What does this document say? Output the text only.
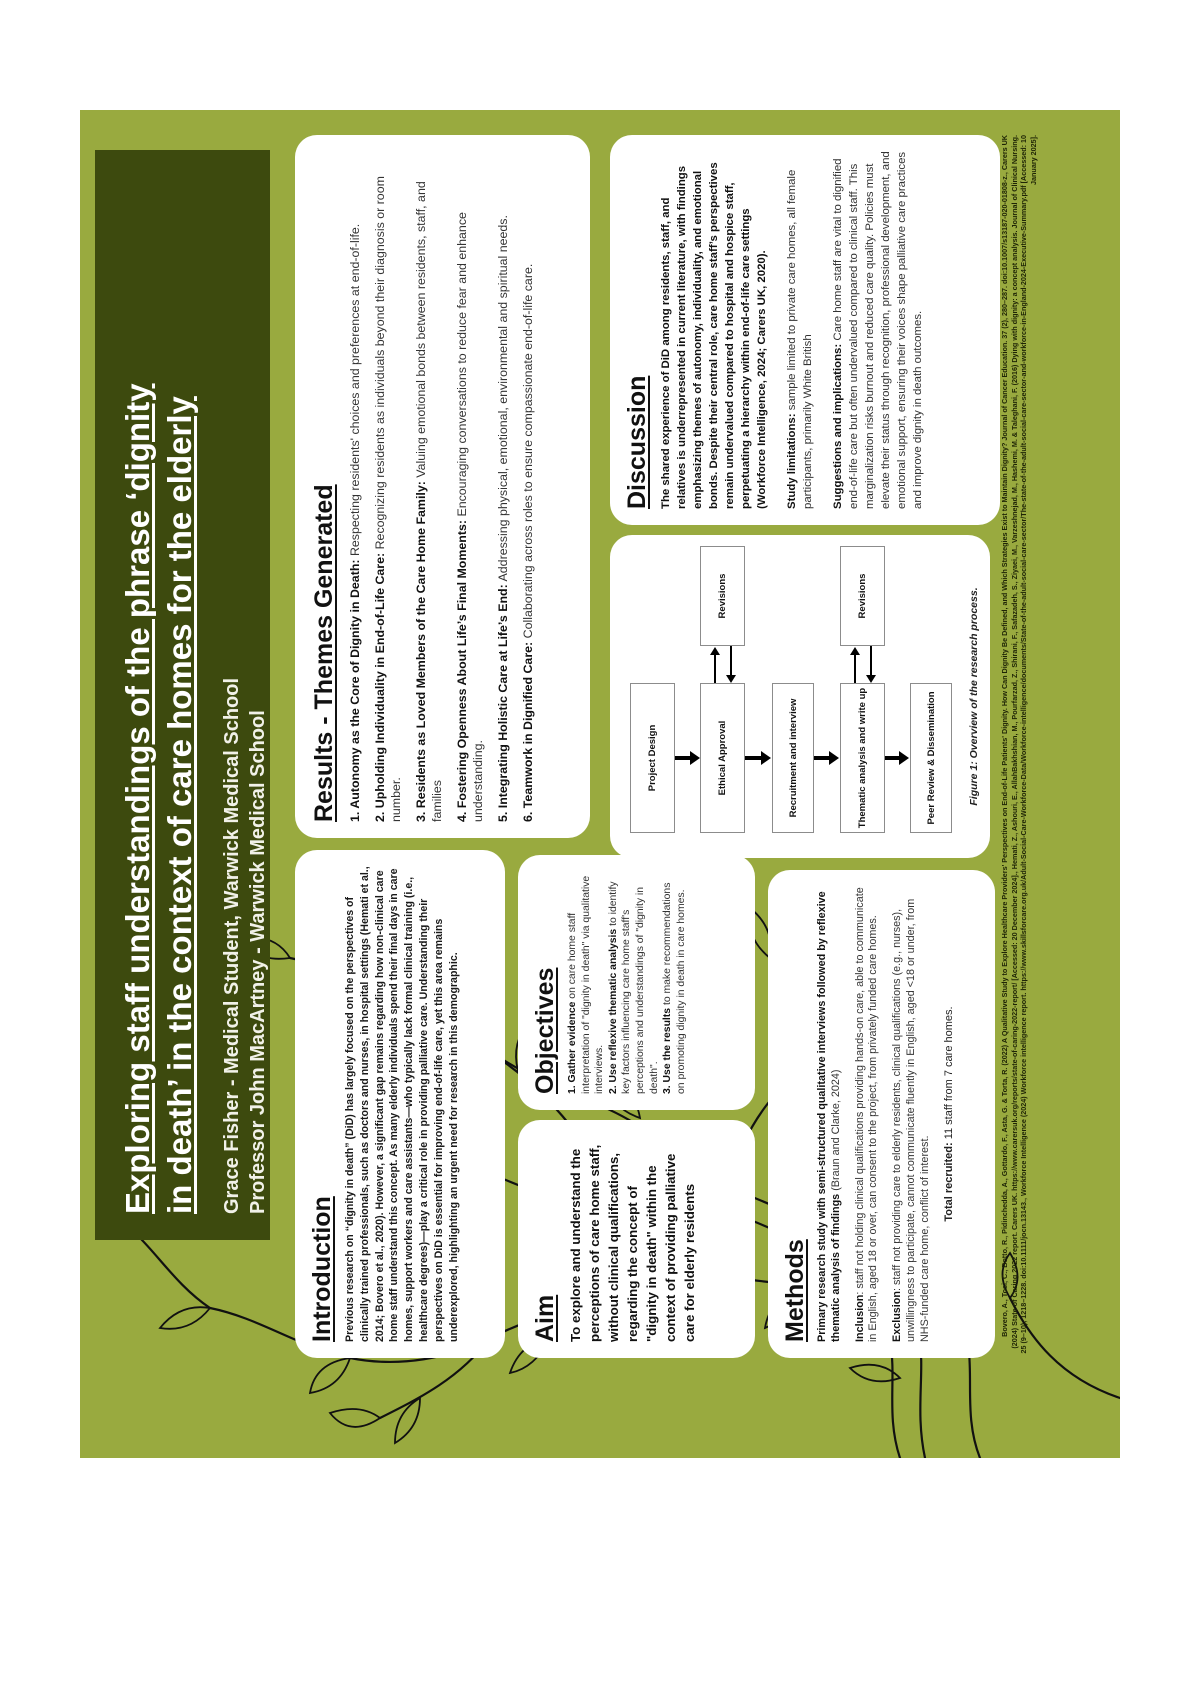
Exploring staff understandings of the phrase ‘dignity in death’ in the context of care homes for the elderly Grace Fisher - Medical Student, Warwick Medical School Professor John MacArtney - Warwick Medical School
Introduction Previous research on “dignity in death” (DiD) has largely focused on the perspectives of clinically trained professionals, such as doctors and nurses, in hospital settings (Hemati et al., 2014; Bovero et al., 2020). However, a significant gap remains regarding how non-clinical care home staff understand this concept. As many elderly individuals spend their final days in care homes, support workers and care assistants—who typically lack formal clinical training (i.e., healthcare degrees)—play a critical role in providing palliative care. Understanding their perspectives on DiD is essential for improving end-of-life care, yet this area remains underexplored, highlighting an urgent need for research in this demographic.

Results - Themes Generated 1. Autonomy as the Core of Dignity in Death: Respecting residents' choices and preferences at end-of-life.
2. Upholding Individuality in End-of-Life Care: Recognizing residents as individuals beyond their diagnosis or room number. 3. Residents as Loved Members of the Care Home Family: Valuing emotional bonds between residents, staff, and families 4. Fostering Openness About Life’s Final Moments: Encouraging conversations to reduce fear and enhance understanding. 5. Integrating Holistic Care at Life’s End: Addressing physical, emotional, environmental and spiritual needs.
6. Teamwork in Dignified Care: Collaborating across roles to ensure compassionate end-of-life care.
Aim To explore and understand the perceptions of care home staff, without clinical qualifications, regarding the concept of "dignity in death" within the context of providing palliative care for elderly residents

Objectives 1. Gather evidence on care home staff interpretation of "dignity in death" via qualitative interviews. 2. Use reflexive thematic analysis to identify key factors influencing care home staff's perceptions and understandings of "dignity in death". 3. Use the results to make recommendations on promoting dignity in death in care homes.

Methods Primary research study with semi-structured qualitative interviews followed by reflexive thematic analysis of findings (Braun and Clarke, 2024)

Inclusion: staff not holding clinical qualifications providing hands-on care, able to communicate in English, aged 18 or over, can consent to the project, from privately funded care homes. Exclusion: staff not providing care to elderly residents, clinical qualifications (e.g., nurses), unwillingness to participate, cannot communicate fluently in English, aged <18 or under, from NHS-funded care home, conflict of interest. Total recruited: 11 staff from 7 care homes.

Project Design	Ethical Approval	Recruitment and interview	Thematic analysis and write up	Peer Review & Dissemination
Revisions	Revisions	Figure 1: Overview of the research process.
Discussion The shared experience of DiD among residents, staff, and relatives is underrepresented in current literature, with findings emphasizing themes of autonomy, individuality, and emotional bonds. Despite their central role, care home staff’s perspectives remain undervalued compared to hospital and hospice staff, perpetuating a hierarchy within end-of-life care settings (Workforce Intelligence, 2024; Carers UK, 2020). Study limitations: sample limited to private care homes, all female participants, primarily White British Suggestions and implications: Care home staff are vital to dignified end-of-life care but often undervalued compared to clinical staff. This marginalization risks burnout and reduced care quality. Policies must elevate their status through recognition, professional development, and emotional support, ensuring their voices shape palliative care practices and improve dignity in death outcomes.	Bovero, A., Tosi, C., Botto, R., Pidinchedda, A., Gottardo, F., Asta, G. & Torta, R. (2022) A Qualitative Study to Explore Healthcare Providers' Perspectives on End-of-Life Patients' Dignity. How Can Dignity Be Defined, and Which Strategies Exist to Maintain Dignity? Journal of Cancer Education. 37 (2), 280–287. doi:10.1007/s13187-020-01808-z., Carers UK (2024) State of Caring 2022 report. Carers UK. https://www.carersuk.org/reports/state-of-caring-2022-report/ [Accessed: 20 December 2024]., Hemati, Z., Ashouri, E., AllahBakhshian, M., Pourfarzad, Z., Shirani, F., Safazadeh, S., Ziyaei, M., Varzeshnejad, M., Hashemi, M. & Taleghani, F. (2016) Dying with dignity: a concept analysis. Journal of Clinical Nursing. 25 (9–10), 1218–1228. doi:10.1111/jocn.13143., Workforce Intelligence (2024) Workforce intelligence report. https://www.skillsforcare.org.uk/Adult-Social-Care-Workforce-Data/Workforce-intelligence/documents/State-of-the-adult-social-care-sector/The-state-of-the-adult-social-care-sector-and-workforce-in-England-2024-Executive-Summary.pdf [Accessed: 10 January 2025].
